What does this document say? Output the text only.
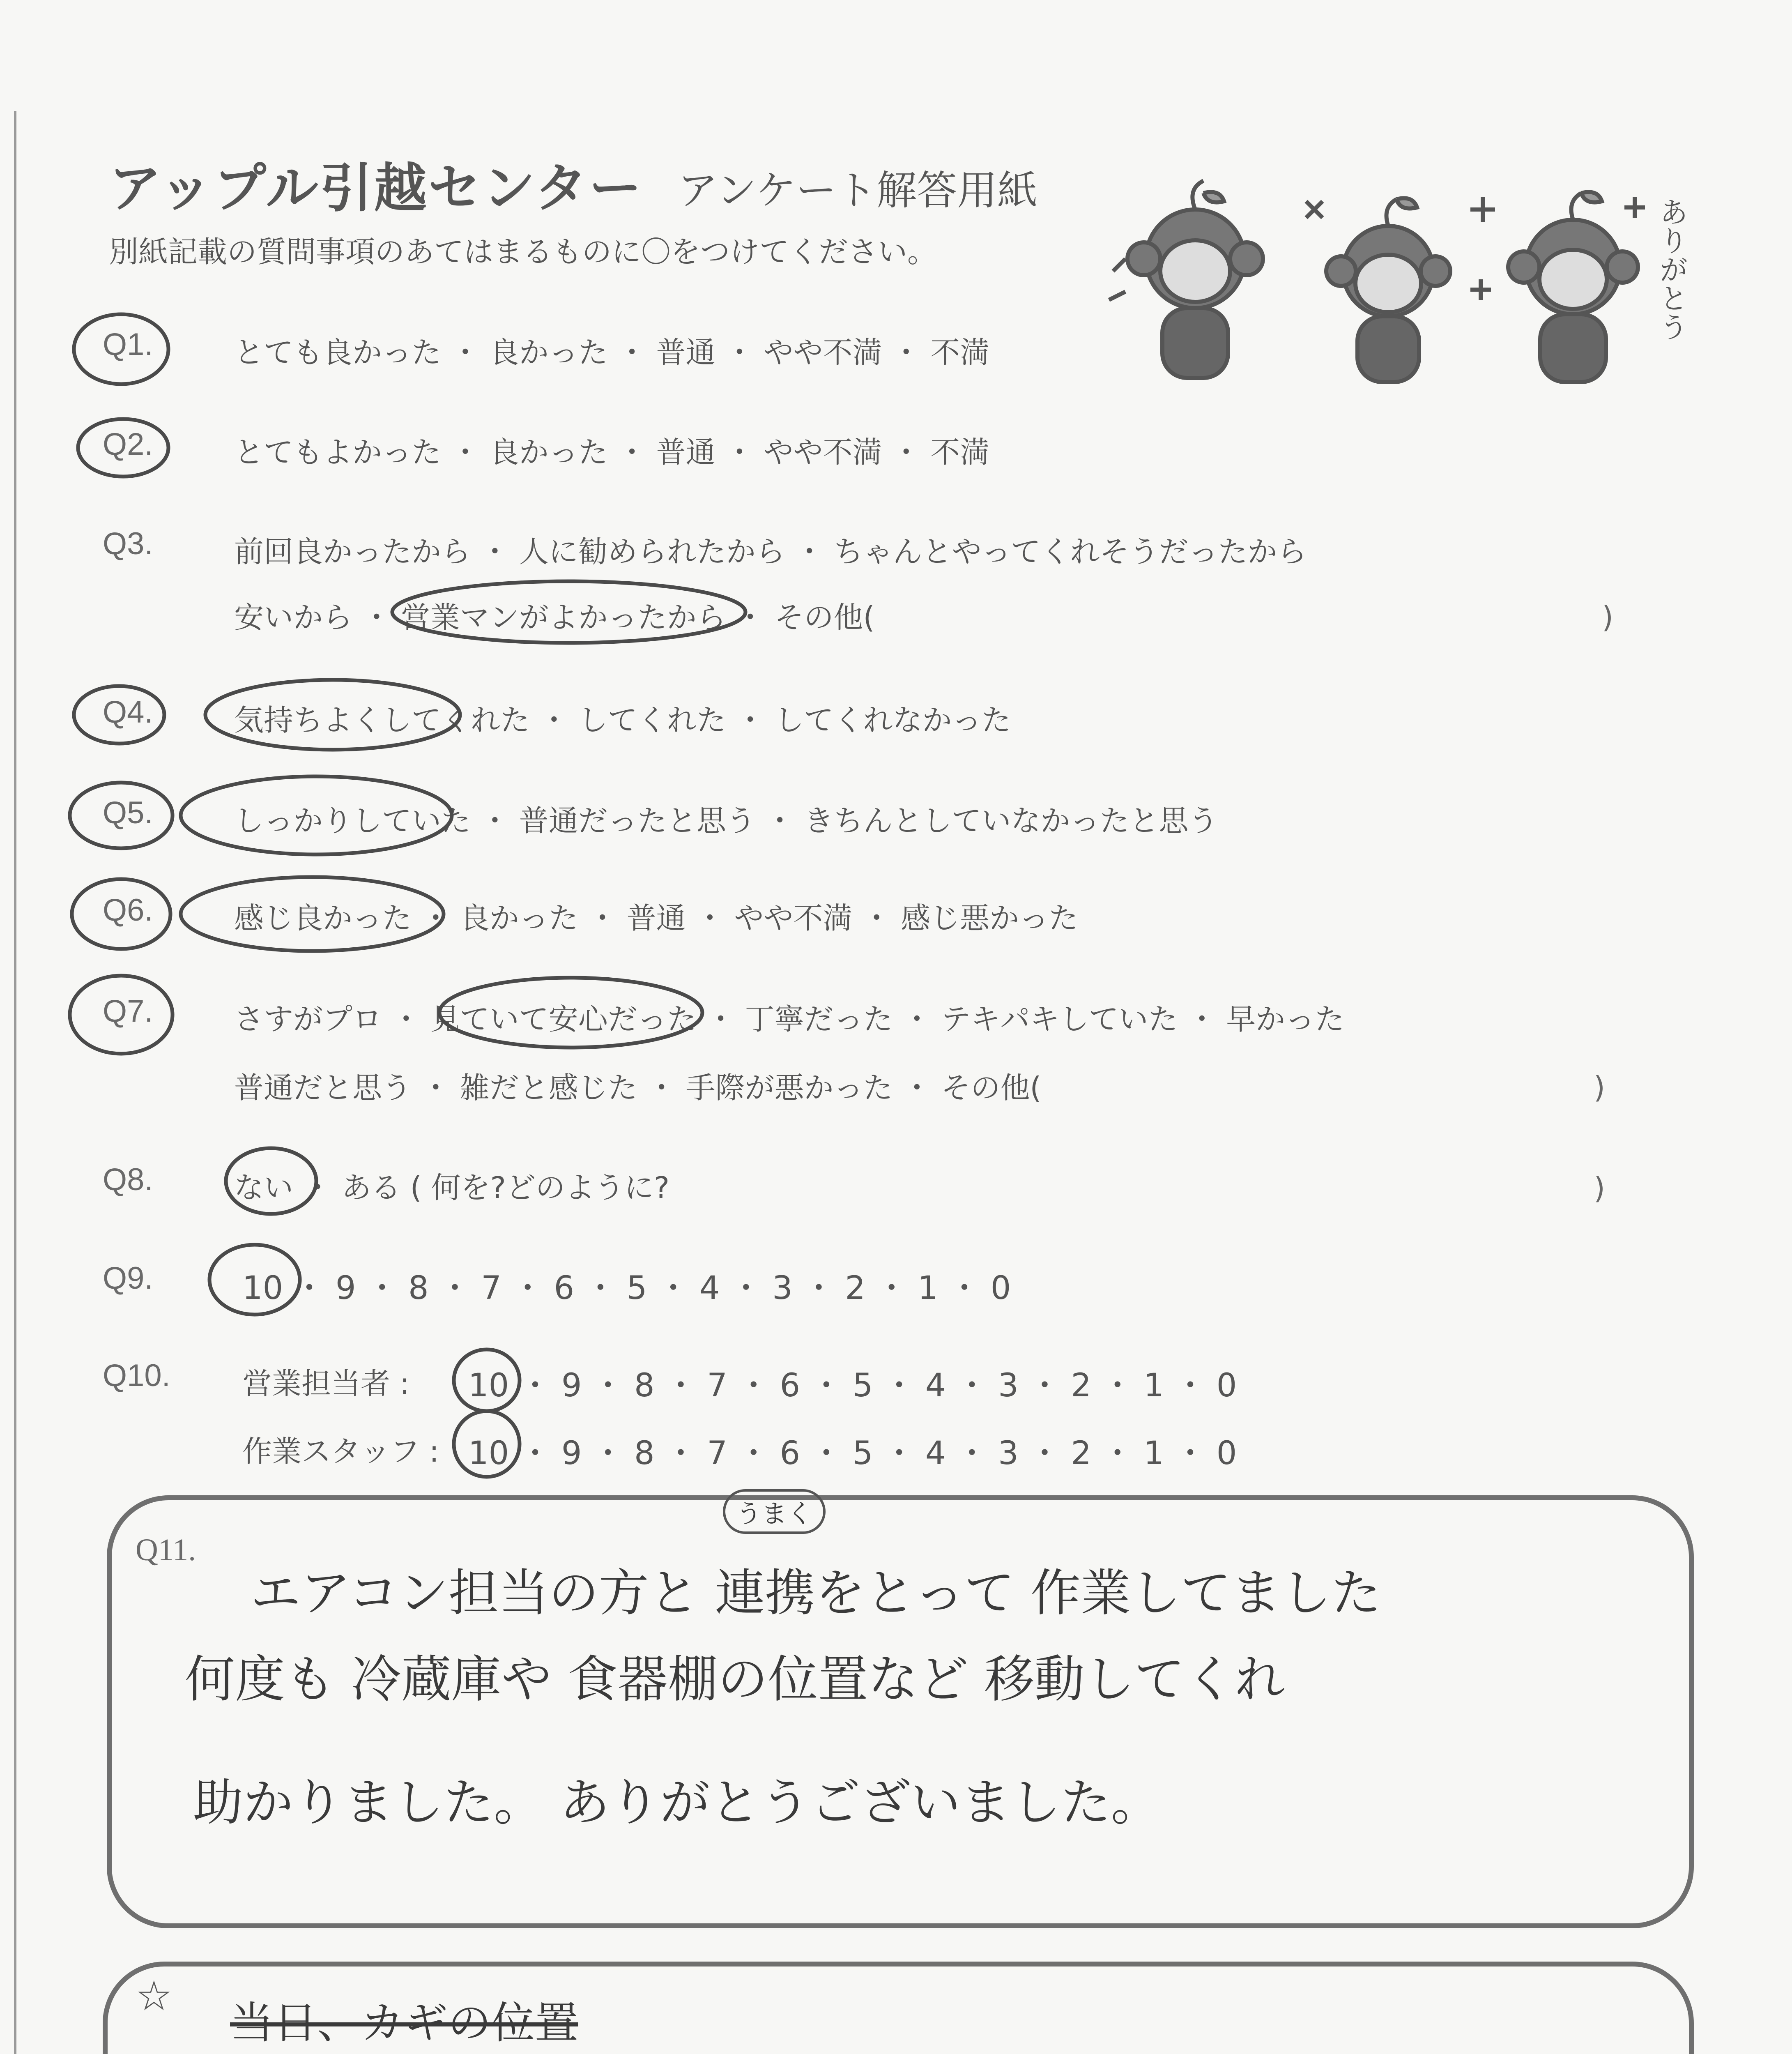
アップル引越センター アンケート解答用紙
別紙記載の質問事項のあてはまるものに〇をつけてください。	ありがとう
Q1.	とても良かった ・ 良かった ・ 普通 ・ やや不満 ・ 不満
Q2.	とてもよかった ・ 良かった ・ 普通 ・ やや不満 ・ 不満
Q3.	前回良かったから ・ 人に勧められたから ・ ちゃんとやってくれそうだったから
安いから ・ 営業マンがよかったから ・ その他(	)
Q4.	気持ちよくしてくれた ・ してくれた ・ してくれなかった
Q5.	しっかりしていた ・ 普通だったと思う ・ きちんとしていなかったと思う
Q6.	感じ良かった ・ 良かった ・ 普通 ・ やや不満 ・ 感じ悪かった
Q7.	さすがプロ ・ 見ていて安心だった ・ 丁寧だった ・ テキパキしていた ・ 早かった
普通だと思う ・ 雑だと感じた ・ 手際が悪かった ・ その他(	)
Q8.	ない ・ ある ( 何を?どのように?	)
Q9.	10 ・ 9 ・ 8 ・ 7 ・ 6 ・ 5 ・ 4 ・ 3 ・ 2 ・ 1 ・ 0
Q10. 営業担当者 : 10 ・ 9 ・ 8 ・ 7 ・ 6 ・ 5 ・ 4 ・ 3 ・ 2 ・ 1 ・ 0
作業スタッフ : 10 ・ 9 ・ 8 ・ 7 ・ 6 ・ 5 ・ 4 ・ 3 ・ 2 ・ 1 ・ 0
Q11.
うまく
エアコン担当の方と 連携をとって 作業してました
何度も 冷蔵庫や 食器棚の位置など 移動してくれ
助かりました。 ありがとうございました。
☆
当日、カギの位置
